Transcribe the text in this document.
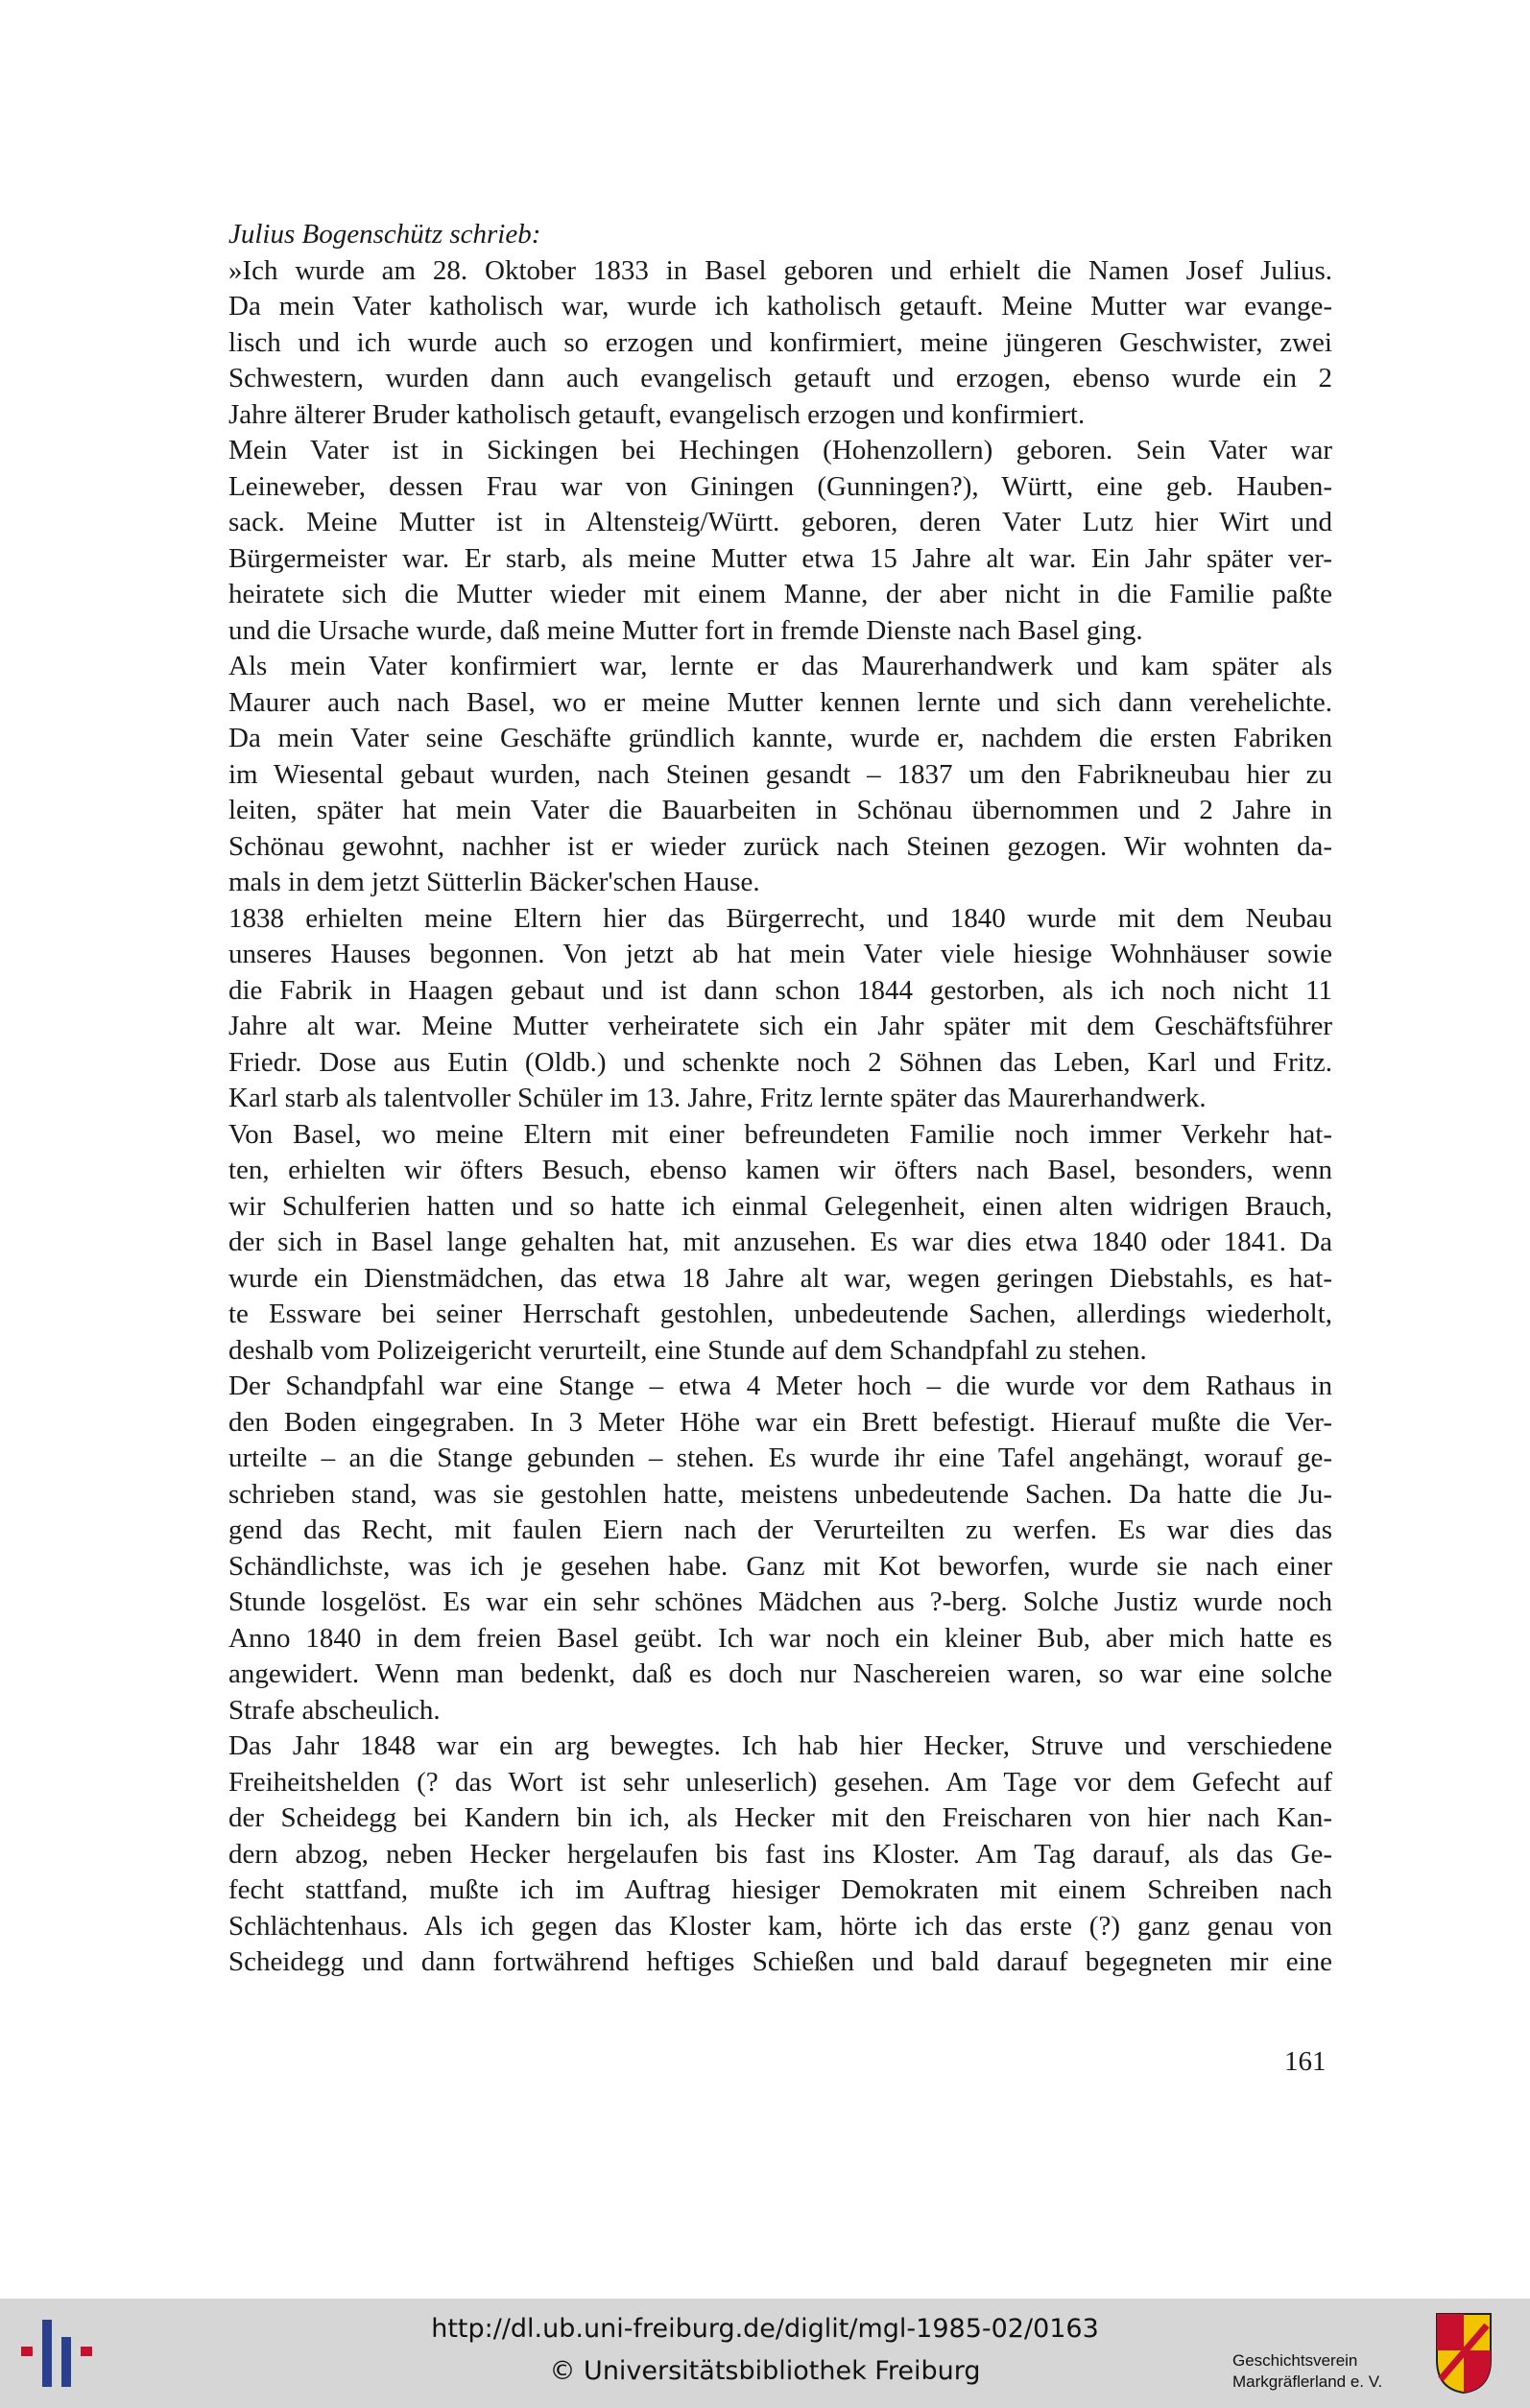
Julius Bogenschütz schrieb:

»Ich wurde am 28. Oktober 1833 in Basel geboren und erhielt die Namen Josef Julius.
Da mein Vater katholisch war, wurde ich katholisch getauft. Meine Mutter war evange-
lisch und ich wurde auch so erzogen und konfirmiert, meine jüngeren Geschwister, zwei
Schwestern, wurden dann auch evangelisch getauft und erzogen, ebenso wurde ein 2
Jahre älterer Bruder katholisch getauft, evangelisch erzogen und konfirmiert.

Mein Vater ist in Sickingen bei Hechingen (Hohenzollern) geboren. Sein Vater war
Leineweber, dessen Frau war von Giningen (Gunningen?), Württ, eine geb. Hauben-
sack. Meine Mutter ist in Altensteig/Württ. geboren, deren Vater Lutz hier Wirt und
Bürgermeister war. Er starb, als meine Mutter etwa 15 Jahre alt war. Ein Jahr später ver-
heiratete sich die Mutter wieder mit einem Manne, der aber nicht in die Familie paßte
und die Ursache wurde, daß meine Mutter fort in fremde Dienste nach Basel ging.

Als mein Vater konfirmiert war, lernte er das Maurerhandwerk und kam später als
Maurer auch nach Basel, wo er meine Mutter kennen lernte und sich dann verehelichte.
Da mein Vater seine Geschäfte gründlich kannte, wurde er, nachdem die ersten Fabriken
im Wiesental gebaut wurden, nach Steinen gesandt – 1837 um den Fabrikneubau hier zu
leiten, später hat mein Vater die Bauarbeiten in Schönau übernommen und 2 Jahre in
Schönau gewohnt, nachher ist er wieder zurück nach Steinen gezogen. Wir wohnten da-
mals in dem jetzt Sütterlin Bäcker'schen Hause.

1838 erhielten meine Eltern hier das Bürgerrecht, und 1840 wurde mit dem Neubau
unseres Hauses begonnen. Von jetzt ab hat mein Vater viele hiesige Wohnhäuser sowie
die Fabrik in Haagen gebaut und ist dann schon 1844 gestorben, als ich noch nicht 11
Jahre alt war. Meine Mutter verheiratete sich ein Jahr später mit dem Geschäftsführer
Friedr. Dose aus Eutin (Oldb.) und schenkte noch 2 Söhnen das Leben, Karl und Fritz.
Karl starb als talentvoller Schüler im 13. Jahre, Fritz lernte später das Maurerhandwerk.

Von Basel, wo meine Eltern mit einer befreundeten Familie noch immer Verkehr hat-
ten, erhielten wir öfters Besuch, ebenso kamen wir öfters nach Basel, besonders, wenn
wir Schulferien hatten und so hatte ich einmal Gelegenheit, einen alten widrigen Brauch,
der sich in Basel lange gehalten hat, mit anzusehen. Es war dies etwa 1840 oder 1841. Da
wurde ein Dienstmädchen, das etwa 18 Jahre alt war, wegen geringen Diebstahls, es hat-
te Essware bei seiner Herrschaft gestohlen, unbedeutende Sachen, allerdings wiederholt,
deshalb vom Polizeigericht verurteilt, eine Stunde auf dem Schandpfahl zu stehen.

Der Schandpfahl war eine Stange – etwa 4 Meter hoch – die wurde vor dem Rathaus in
den Boden eingegraben. In 3 Meter Höhe war ein Brett befestigt. Hierauf mußte die Ver-
urteilte – an die Stange gebunden – stehen. Es wurde ihr eine Tafel angehängt, worauf ge-
schrieben stand, was sie gestohlen hatte, meistens unbedeutende Sachen. Da hatte die Ju-
gend das Recht, mit faulen Eiern nach der Verurteilten zu werfen. Es war dies das
Schändlichste, was ich je gesehen habe. Ganz mit Kot beworfen, wurde sie nach einer
Stunde losgelöst. Es war ein sehr schönes Mädchen aus ?-berg. Solche Justiz wurde noch
Anno 1840 in dem freien Basel geübt. Ich war noch ein kleiner Bub, aber mich hatte es
angewidert. Wenn man bedenkt, daß es doch nur Naschereien waren, so war eine solche
Strafe abscheulich.

Das Jahr 1848 war ein arg bewegtes. Ich hab hier Hecker, Struve und verschiedene
Freiheitshelden (? das Wort ist sehr unleserlich) gesehen. Am Tage vor dem Gefecht auf
der Scheidegg bei Kandern bin ich, als Hecker mit den Freischaren von hier nach Kan-
dern abzog, neben Hecker hergelaufen bis fast ins Kloster. Am Tag darauf, als das Ge-
fecht stattfand, mußte ich im Auftrag hiesiger Demokraten mit einem Schreiben nach
Schlächtenhaus. Als ich gegen das Kloster kam, hörte ich das erste (?) ganz genau von
Scheidegg und dann fortwährend heftiges Schießen und bald darauf begegneten mir eine

161
http://dl.ub.uni-freiburg.de/diglit/mgl-1985-02/0163
© Universitätsbibliothek Freiburg	Geschichtsverein
Markgräflerland e. V.
